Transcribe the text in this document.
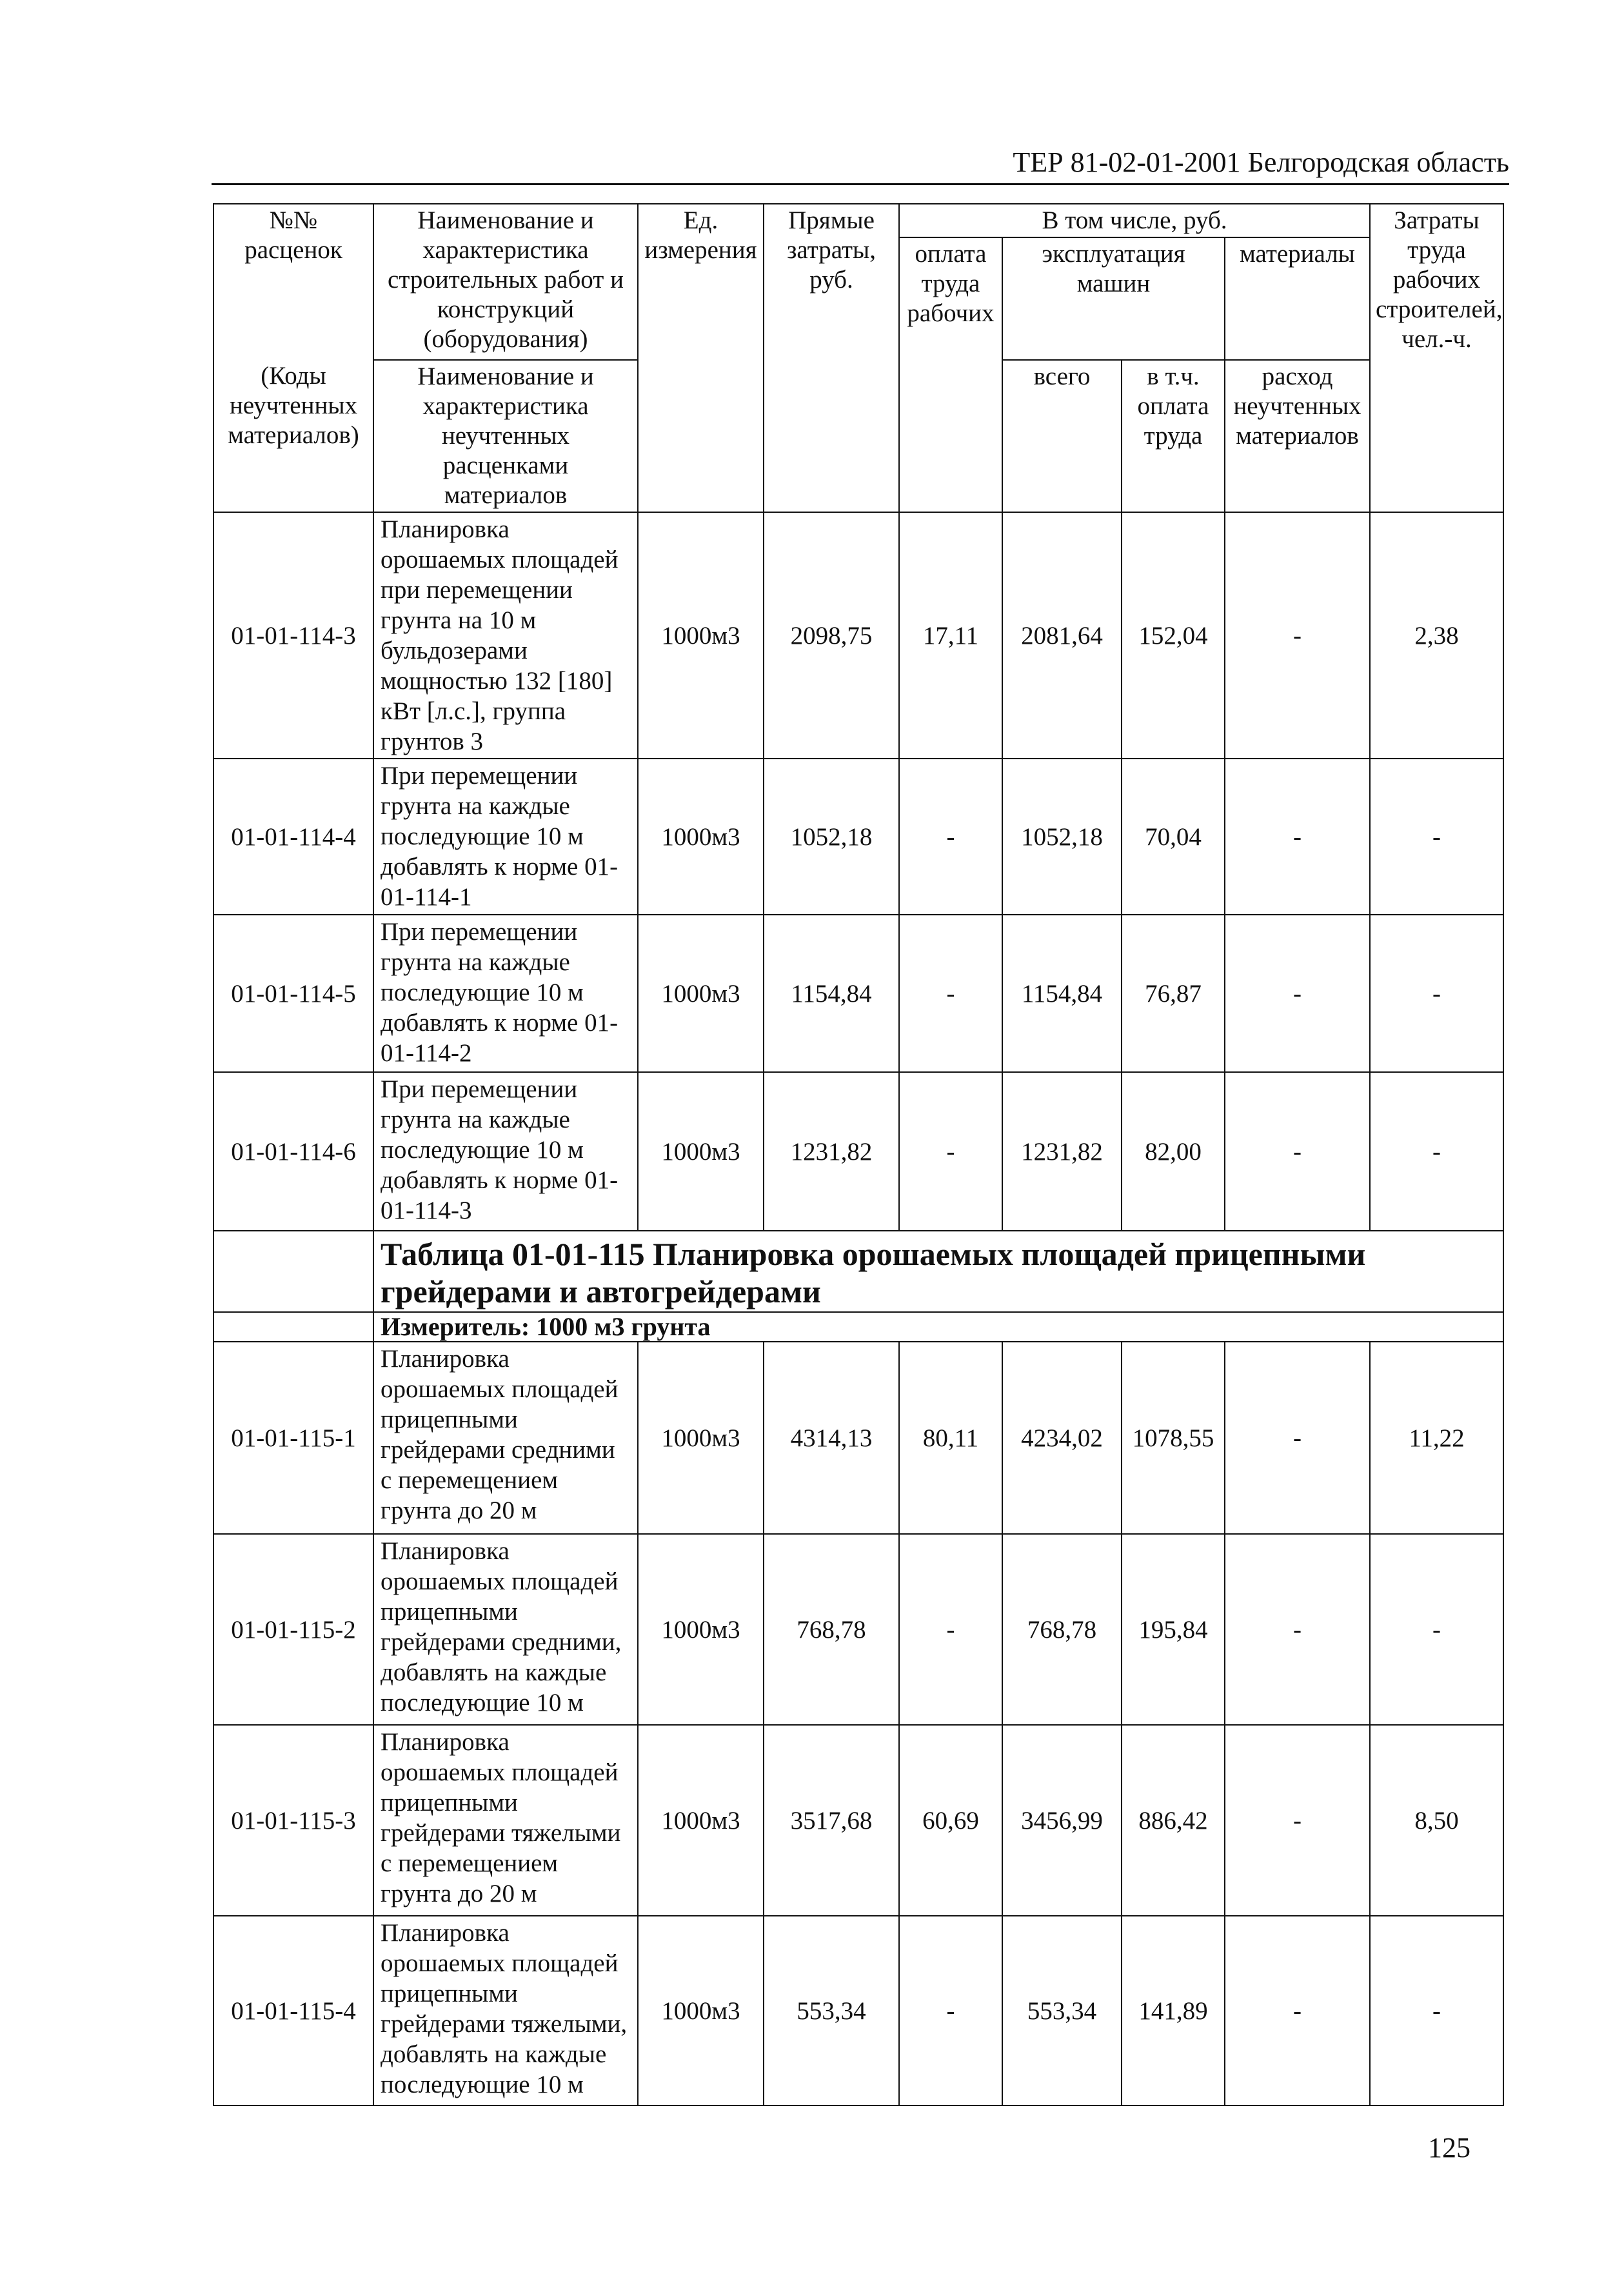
ТЕР 81-02-01-2001 Белгородская область
№№ расценок	Наименование и характеристика строительных работ и конструкций (оборудования)	Ед. измерения	Прямые затраты, руб.	В том числе, руб.				Затраты труда рабочих строителей, чел.-ч.
				оплата труда рабочих	эксплуатация машин		материалы	
(Коды неучтенных материалов)	Наименование и характеристика неучтенных расценками материалов				всего	в т.ч. оплата труда	расход неучтенных материалов	
01-01-114-3	Планировка орошаемых площадей при перемещении грунта на 10 м бульдозерами мощностью 132 [180] кВт [л.с.], группа грунтов 3	1000м3	2098,75	17,11	2081,64	152,04	-	2,38
01-01-114-4	При перемещении грунта на каждые последующие 10 м добавлять к норме 01-01-114-1	1000м3	1052,18	-	1052,18	70,04	-	-
01-01-114-5	При перемещении грунта на каждые последующие 10 м добавлять к норме 01-01-114-2	1000м3	1154,84	-	1154,84	76,87	-	-
01-01-114-6	При перемещении грунта на каждые последующие 10 м добавлять к норме 01-01-114-3	1000м3	1231,82	-	1231,82	82,00	-	-
	Таблица 01-01-115 Планировка орошаемых площадей прицепными грейдерами и автогрейдерами							
	Измеритель: 1000 м3 грунта							
01-01-115-1	Планировка орошаемых площадей прицепными грейдерами средними с перемещением грунта до 20 м	1000м3	4314,13	80,11	4234,02	1078,55	-	11,22
01-01-115-2	Планировка орошаемых площадей прицепными грейдерами средними, добавлять на каждые последующие 10 м	1000м3	768,78	-	768,78	195,84	-	-
01-01-115-3	Планировка орошаемых площадей прицепными грейдерами тяжелыми с перемещением грунта до 20 м	1000м3	3517,68	60,69	3456,99	886,42	-	8,50
01-01-115-4	Планировка орошаемых площадей прицепными грейдерами тяжелыми, добавлять на каждые последующие 10 м	1000м3	553,34	-	553,34	141,89	-	-
125
